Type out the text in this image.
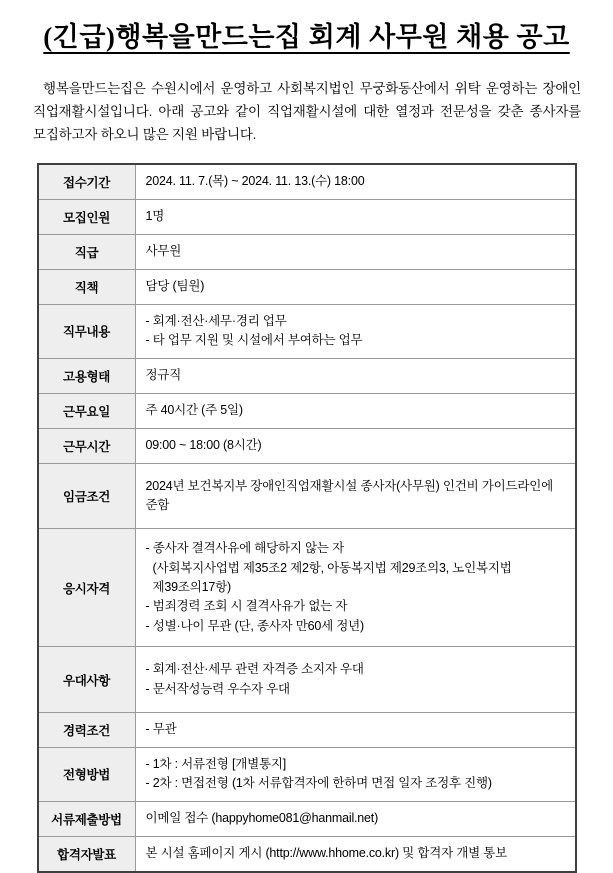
(긴급)행복을만드는집 회계 사무원 채용 공고

행복을만드는집은 수원시에서 운영하고 사회복지법인 무궁화동산에서 위탁 운영하는 장애인 직업재활시설입니다. 아래 공고와 같이 직업재활시설에 대한 열정과 전문성을 갖춘 종사자를 모집하고자 하오니 많은 지원 바랍니다.

접수기간	2024. 11. 7.(목) ~ 2024. 11. 13.(수) 18:00

모집인원	1명

직급	사무원

직책	담당 (팀원)

직무내용	- 회계·전산·세무·경리 업무
- 타 업무 지원 및 시설에서 부여하는 업무

고용형태	정규직

근무요일	주 40시간 (주 5일)

근무시간	09:00 ~ 18:00 (8시간)

임금조건	2024년 보건복지부 장애인직업재활시설 종사자(사무원) 인건비 가이드라인에 준함

응시자격	- 종사자 결격사유에 해당하지 않는 자
(사회복지사업법 제35조2 제2항, 아동복지법 제29조의3, 노인복지법 제39조의17항)
- 범죄경력 조회 시 결격사유가 없는 자
- 성별·나이 무관 (단, 종사자 만60세 정년)

우대사항	- 회계·전산·세무 관련 자격증 소지자 우대
- 문서작성능력 우수자 우대

경력조건	- 무관

전형방법	- 1차 : 서류전형 [개별통지]
- 2차 : 면접전형 (1차 서류합격자에 한하며 면접 일자 조정후 진행)

서류제출방법	이메일 접수 (happyhome081@hanmail.net)

합격자발표	본 시설 홈페이지 게시 (http://www.hhome.co.kr) 및 합격자 개별 통보
